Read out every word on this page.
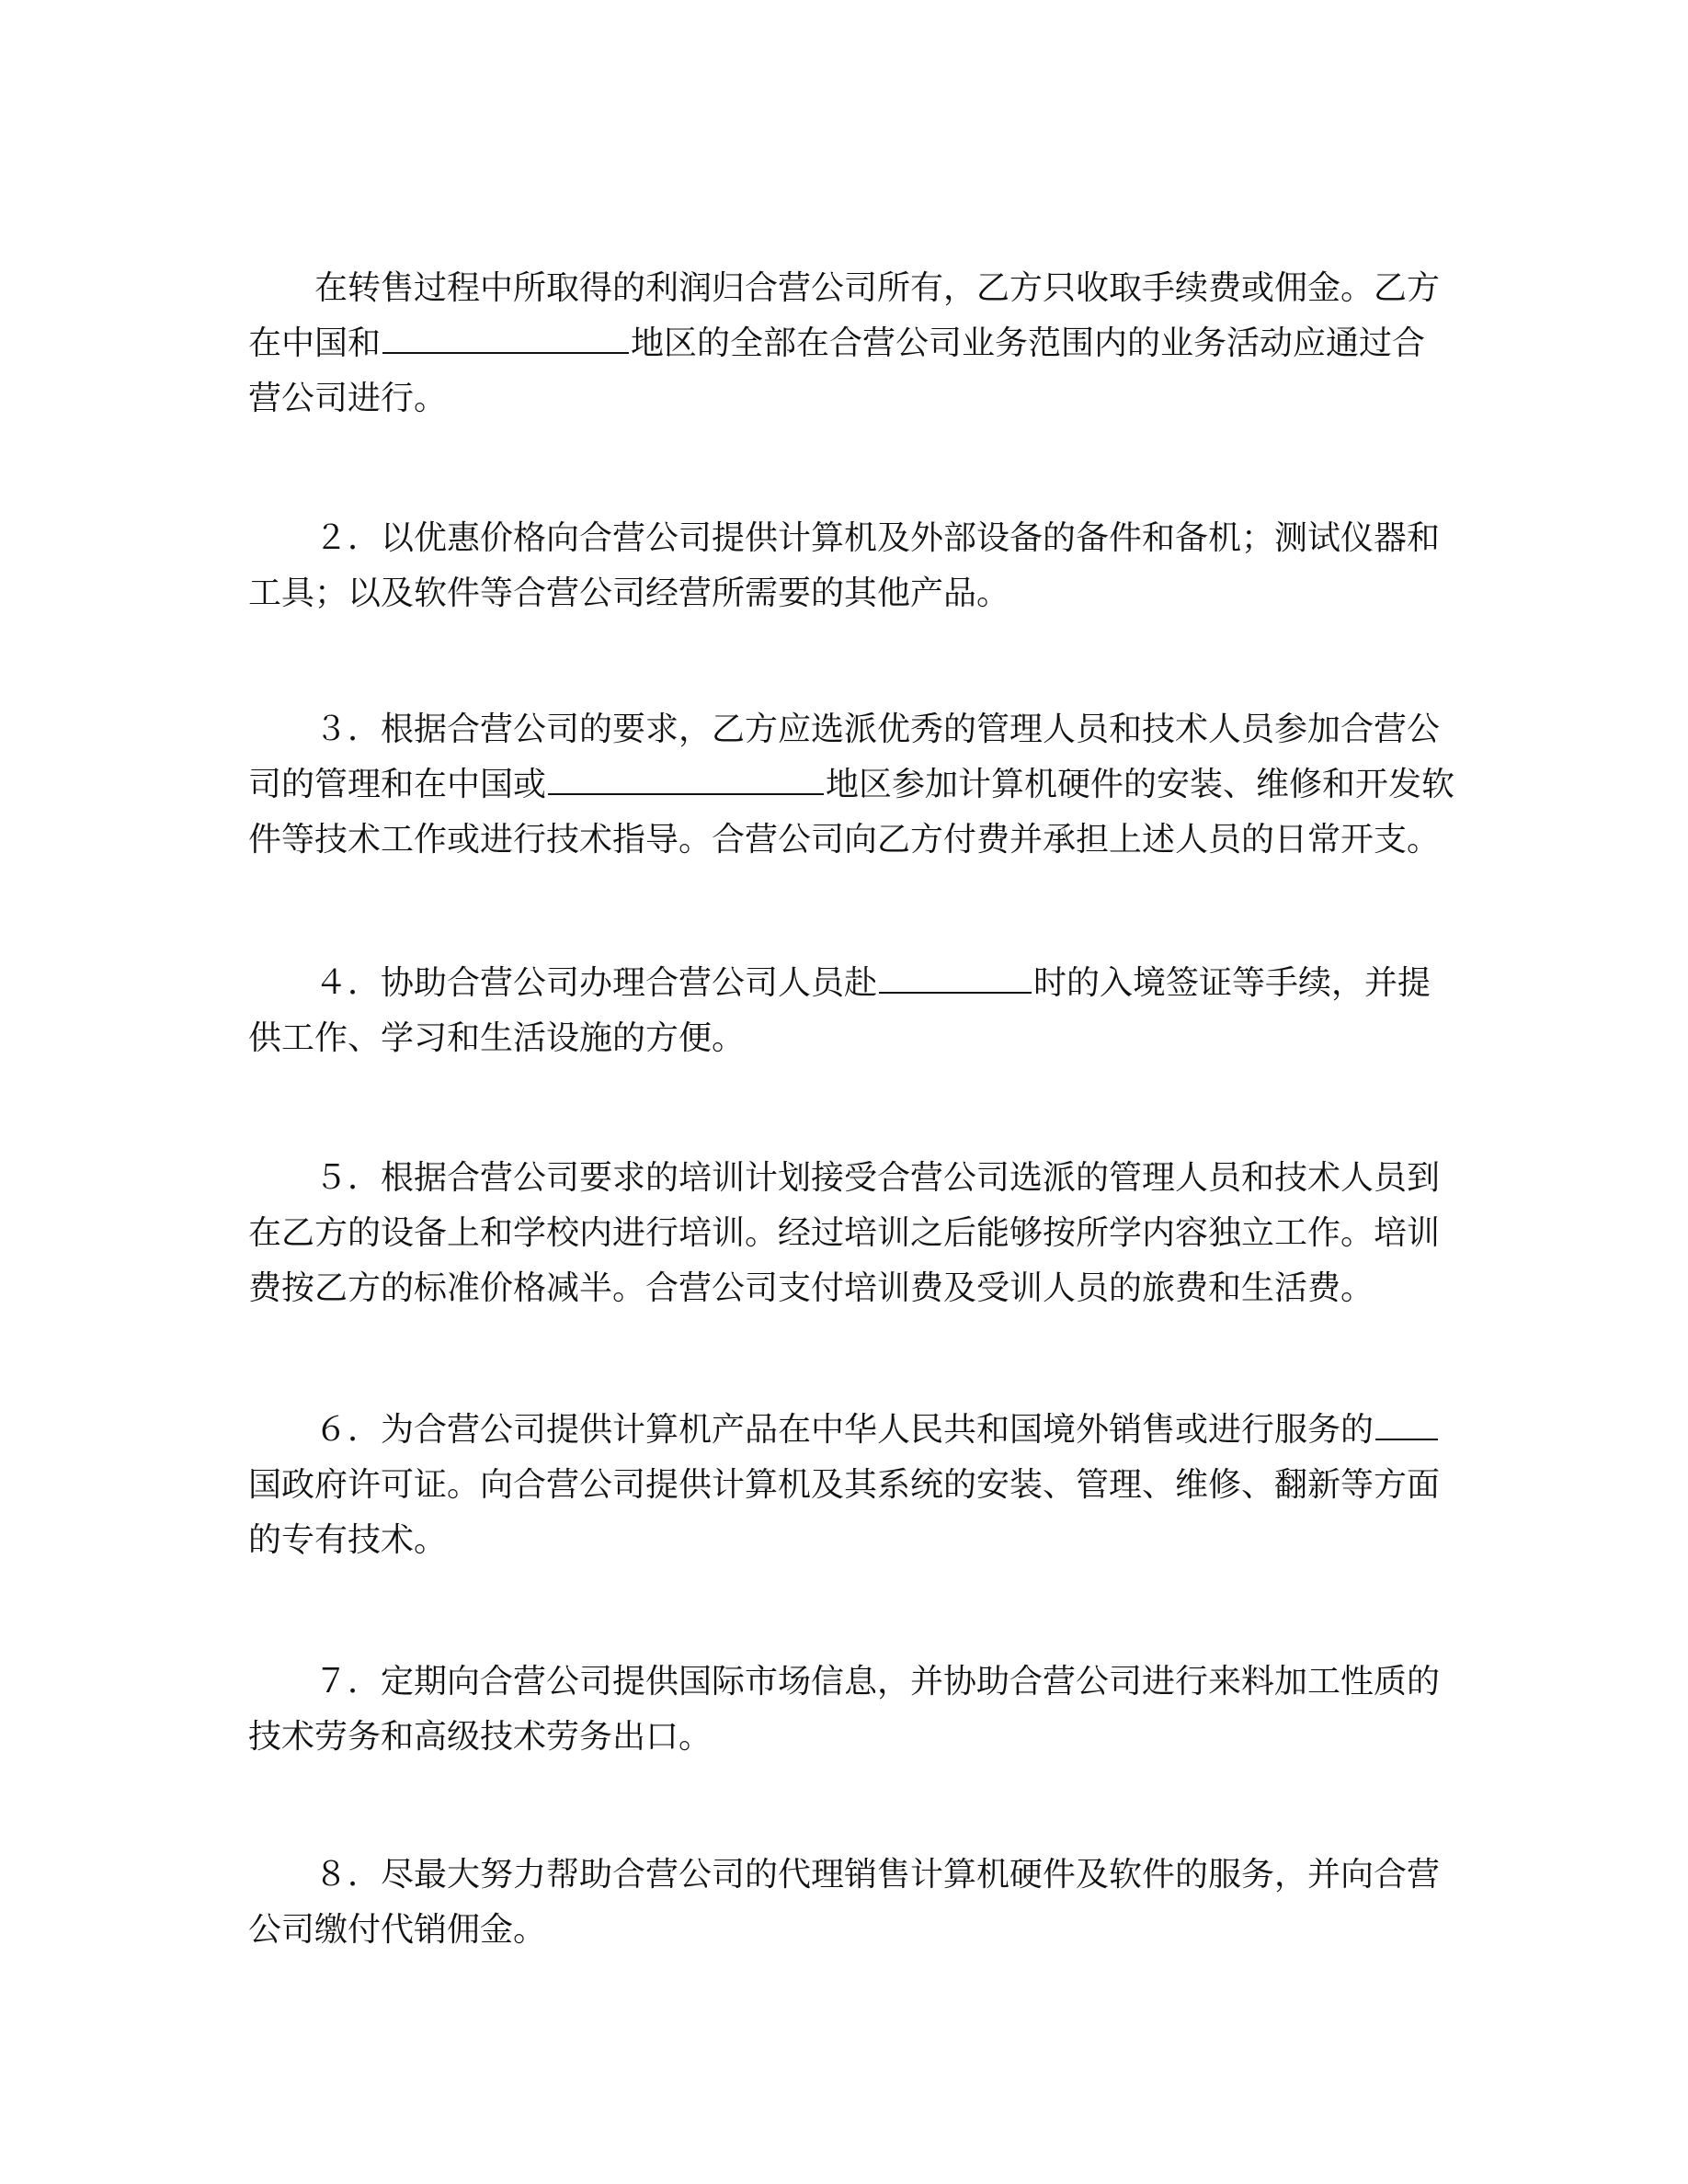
在转售过程中所取得的利润归合营公司所有，乙方只收取手续费或佣金。乙方
在中国和	地区的全部在合营公司业务范围内的业务活动应通过合
营公司进行。
２．以优惠价格向合营公司提供计算机及外部设备的备件和备机；测试仪器和
工具；以及软件等合营公司经营所需要的其他产品。
３．根据合营公司的要求，乙方应选派优秀的管理人员和技术人员参加合营公
司的管理和在中国或	地区参加计算机硬件的安装、维修和开发软
件等技术工作或进行技术指导。合营公司向乙方付费并承担上述人员的日常开支。
４．协助合营公司办理合营公司人员赴	时的入境签证等手续，并提
供工作、学习和生活设施的方便。
５．根据合营公司要求的培训计划接受合营公司选派的管理人员和技术人员到
在乙方的设备上和学校内进行培训。经过培训之后能够按所学内容独立工作。培训
费按乙方的标准价格减半。合营公司支付培训费及受训人员的旅费和生活费。
６．为合营公司提供计算机产品在中华人民共和国境外销售或进行服务的
国政府许可证。向合营公司提供计算机及其系统的安装、管理、维修、翻新等方面
的专有技术。
７．定期向合营公司提供国际市场信息，并协助合营公司进行来料加工性质的
技术劳务和高级技术劳务出口。
８．尽最大努力帮助合营公司的代理销售计算机硬件及软件的服务，并向合营
公司缴付代销佣金。
